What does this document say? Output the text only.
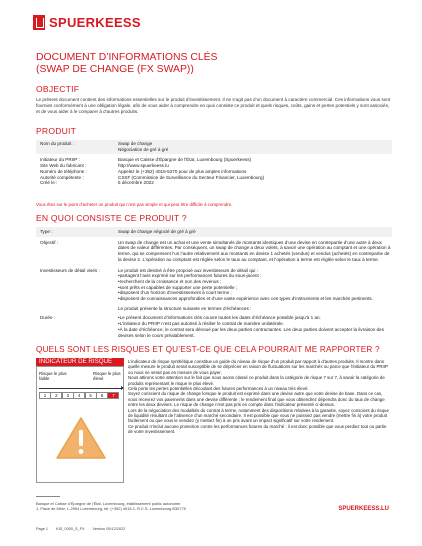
SPUERKEESS
DOCUMENT D’INFORMATIONS CLÉS
(SWAP DE CHANGE (FX SWAP))
OBJECTIF
Le présent document contient des informations essentielles sur le produit d’investissement. Il ne s’agit pas d’un document à caractère commercial. Ces informations vous sont fournies conformément à une obligation légale, afin de vous aider à comprendre en quoi consiste ce produit et quels risques, coûts, gains et pertes potentiels y sont associés, et de vous aider à le comparer à d’autres produits.
PRODUIT
Nom du produit :	Swap de change
Négociation de gré à gré
Initiateur du PRIIP :	Banque et Caisse d’Épargne de l’État, Luxembourg (Spuerkeess)
Site Web du fabricant :	http://www.spuerkeess.lu
Numéro de téléphone :	Appelez le (+352) 4015-5270 pour de plus amples informations
Autorité compétente :	CSSF (Commission de Surveillance du Secteur Financier, Luxembourg)
Créé le :	5 décembre 2022
Vous êtes sur le point d’acheter un produit qui n’est pas simple et qui peut être difficile à comprendre.
EN QUOI CONSISTE CE PRODUIT ?
Type :	Swap de change négocié de gré à gré
Objectif :	Un swap de change est un achat et une vente simultanés de montants identiques d’une devise en contrepartie d’une autre à deux dates de valeur différentes. Par conséquent, un swap de change a deux volets, à savoir une opération au comptant et une opération à terme, qui se compensent l’un l’autre relativement aux montants en devise 1 achetés (vendus) et vendus (achetés) en contrepartie de la devise 2. L’opération au comptant est réglée selon le taux au comptant, et l’opération à terme est réglée selon le taux à terme.
Investisseurs de détail visés :	Le produit est destiné à être proposé aux investisseurs de détail qui :
•partagent l’avis exprimé sur les performances futures du sous-jacent ;
•recherchent de la croissance et non des revenus ;
•sont prêts et capables de supporter une perte potentielle ;
•disposent d’un horizon d’investissement à court terme ;
•disposent de connaissances approfondies et d’une vaste expérience avec ces types d’instruments et les marchés pertinents.
Le produit présente la structure suivante en termes d’échéances :
Durée :	•Le présent document d’informations clés couvre toutes les dates d’échéance possible jusqu’à 1 an.
•L’initiateur du PRIIP n’est pas autorisé à résilier le contrat de manière unilatérale.
•À la date d’échéance, le contrat sera dénoué par les deux parties contractantes. Les deux parties doivent accepter la livraison des devises selon le cours préalablement.
QUELS SONT LES RISQUES ET QU’EST-CE QUE CELA POURRAIT ME RAPPORTER ?
INDICATEUR DE RISQUE
Risque le plus faible
Risque le plus élevé
1	2	3	4	5	6	7

L’indicateur de risque synthétique constitue un guide du niveau de risque d’un produit par rapport à d’autres produits. Il montre dans quelle mesure le produit serait susceptible de se déprécier en raison de fluctuations sur les marchés ou parce que l’initiateur du PRIIP ou nous ne serait pas en mesure de vous payer.

Nous attirons votre attention sur le fait que nous avons classé ce produit dans la catégorie de risque 7 sur 7, à savoir la catégorie de produits représentant le risque le plus élevé.

Cela porte les pertes potentielles découlant des futures performances à un niveau très élevé.

Soyez conscient du risque de change lorsque le produit est exprimé dans une devise autre que votre devise de base. Dans ce cas, vous recevrez vos paiements dans une devise différente ; le rendement final que vous obtiendrez dépendra donc du taux de change entre les deux devises. Le risque de change n’est pas pris en compte dans l’indicateur présenté ci-dessus.

Lors de la négociation des modalités du contrat à terme, notamment des dispositions relatives à la garantie, soyez conscient du risque de liquidité résultant de l’absence d’un marché secondaire. Il est possible que vous ne puissiez pas vendre (mettre fin à) votre produit facilement ou que vous le vendiez (y mettiez fin) à un prix avant un impact significatif sur votre rendement.

Ce produit n’inclut aucune protection contre les performances futures du marché : il est donc possible que vous perdiez tout ou partie de votre investissement.

Banque et Caisse d’Épargne de l’État, Luxembourg, établissement public autonome
1, Place de Metz, L-2954 Luxembourg, tél. (+352) 4015-1, R.C.S. Luxembourg B30775	SPUERKEESS.LU
Page 1 KID_0000_S_FX Version 05/12/2022
